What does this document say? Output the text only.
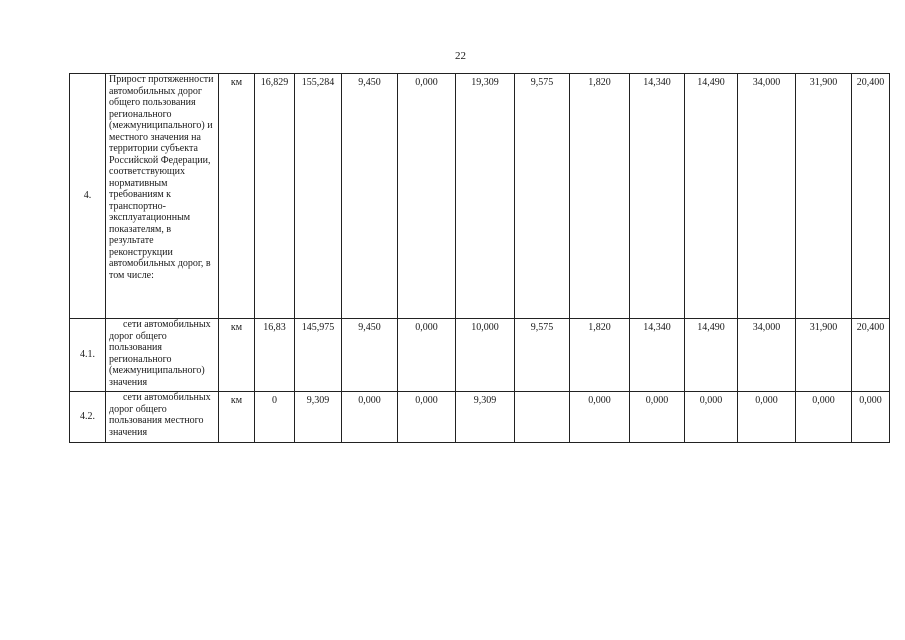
22
4.	Прирост протяженности автомобильных дорог общего пользования регионального (межмуниципального) и местного значения на территории субъекта Российской Федерации, соответствующих нормативным требованиям к транспортно-эксплуатационным показателям, в результате реконструкции автомобильных дорог, в том числе:	км	16,829	155,284	9,450	0,000	19,309	9,575	1,820	14,340	14,490	34,000	31,900	20,400
4.1.	сети автомобильных дорог общего пользования регионального (межмуниципального) значения	км	16,83	145,975	9,450	0,000	10,000	9,575	1,820	14,340	14,490	34,000	31,900	20,400
4.2.	сети автомобильных дорог общего пользования местного значения	км	0	9,309	0,000	0,000	9,309		0,000	0,000	0,000	0,000	0,000	0,000
